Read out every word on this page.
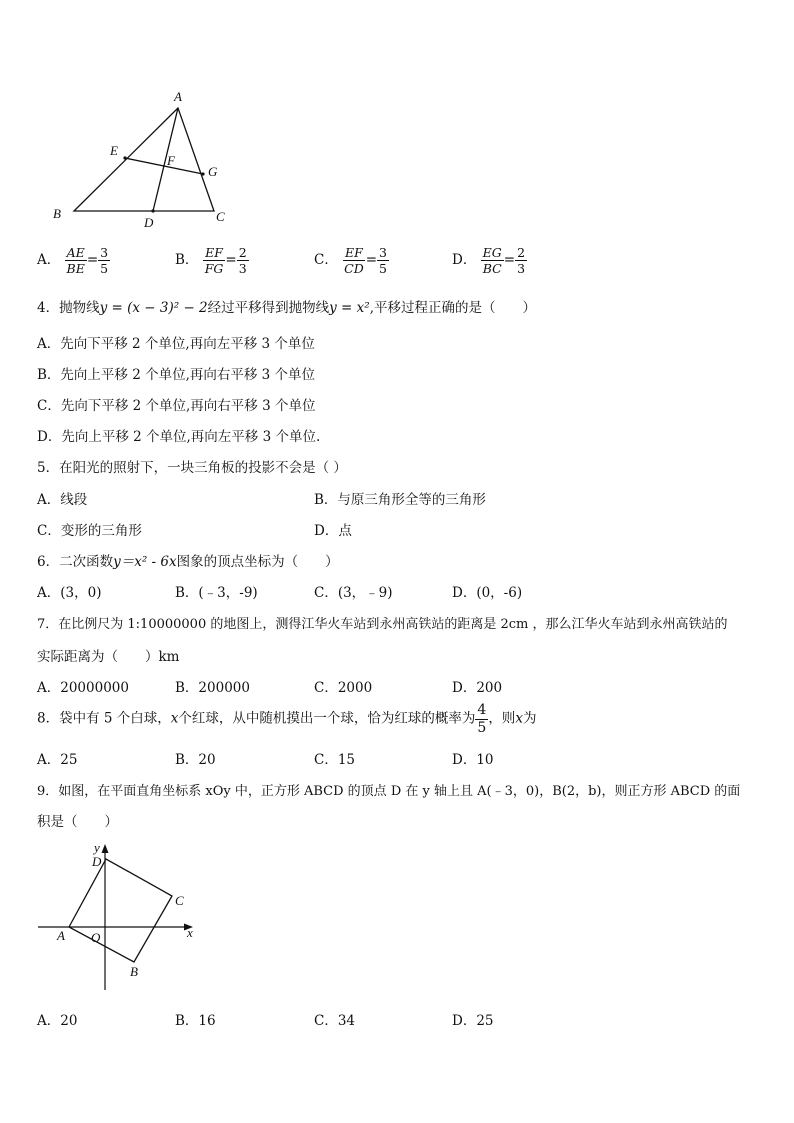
A
E
F
G
B
D	C
A． $\frac{AE}{BE} = \frac{3}{5}$	B． $\frac{EF}{FG} = \frac{2}{3}$	C． $\frac{EF}{CD} = \frac{3}{5}$	D． $\frac{EG}{BC} = \frac{2}{3}$
4．抛物线y = (x − 3)² − 2经过平移得到抛物线y = x²,平移过程正确的是（　　）
A．先向下平移 2 个单位,再向左平移 3 个单位
B．先向上平移 2 个单位,再向右平移 3 个单位
C．先向下平移 2 个单位,再向右平移 3 个单位
D．先向上平移 2 个单位,再向左平移 3 个单位.
5．在阳光的照射下，一块三角板的投影不会是（ ）
A．线段	B．与原三角形全等的三角形
C．变形的三角形	D．点
6．二次函数y＝x² - 6x图象的顶点坐标为（　　）
A．(3，0)	B．(﹣3，-9)	C．(3，﹣9)	D．(0，-6)
7．在比例尺为 1:10000000 的地图上，测得江华火车站到永州高铁站的距离是 2cm ，那么江华火车站到永州高铁站的
实际距离为（　　）km
A．20000000	B．200000	C．2000	D．200
8．袋中有 5 个白球，x个红球，从中随机摸出一个球，恰为红球的概率为 $\frac{4}{5}$ ，则x为
A．25	B．20	C．15	D．10
9．如图，在平面直角坐标系 xOy 中，正方形 ABCD 的顶点 D 在 y 轴上且 A(﹣3，0)，B(2，b)，则正方形 ABCD 的面
积是（　　）
y
D
C
x
A O
B
A．20	B．16	C．34	D．25
